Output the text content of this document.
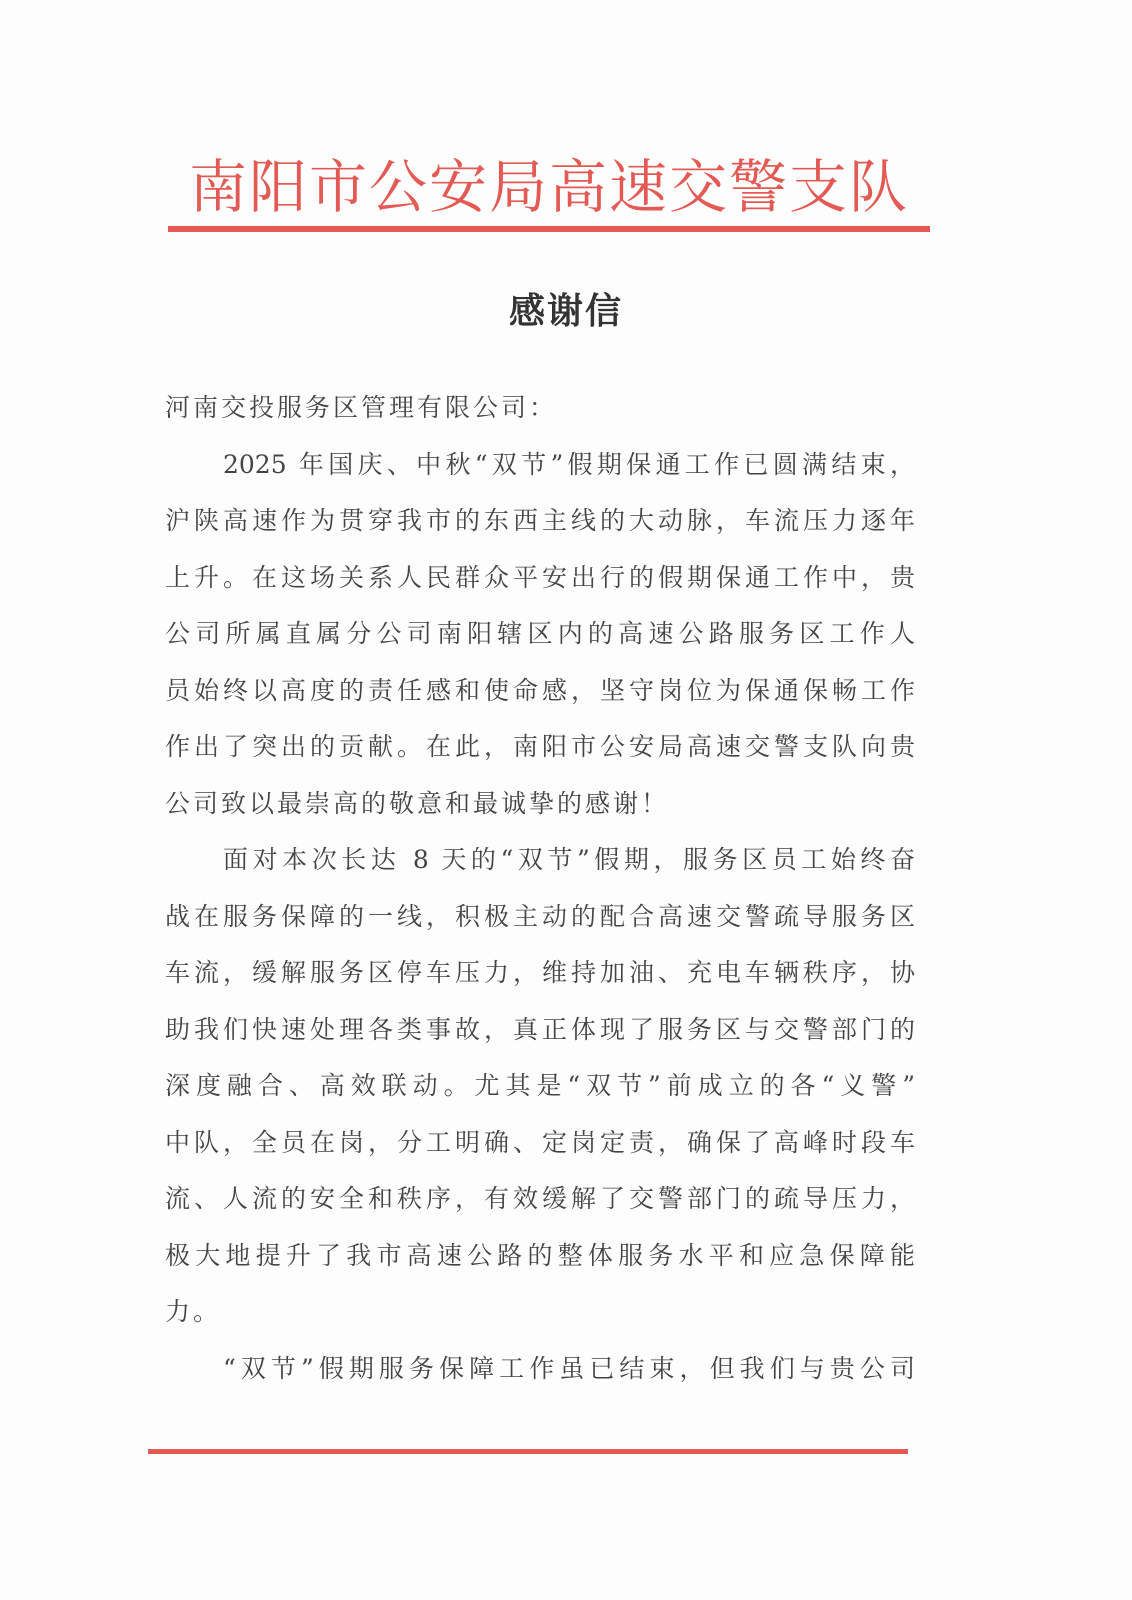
南阳市公安局高速交警支队
感谢信
河南交投服务区管理有限公司：
2025 年国庆、中秋“双节”假期保通工作已圆满结束，
沪陕高速作为贯穿我市的东西主线的大动脉，车流压力逐年
上升。在这场关系人民群众平安出行的假期保通工作中，贵
公司所属直属分公司南阳辖区内的高速公路服务区工作人
员始终以高度的责任感和使命感，坚守岗位为保通保畅工作
作出了突出的贡献。在此，南阳市公安局高速交警支队向贵
公司致以最崇高的敬意和最诚挚的感谢！
面对本次长达 8 天的“双节”假期，服务区员工始终奋
战在服务保障的一线，积极主动的配合高速交警疏导服务区
车流，缓解服务区停车压力，维持加油、充电车辆秩序，协
助我们快速处理各类事故，真正体现了服务区与交警部门的
深度融合、高效联动。尤其是“双节”前成立的各“义警”
中队，全员在岗，分工明确、定岗定责，确保了高峰时段车
流、人流的安全和秩序，有效缓解了交警部门的疏导压力，
极大地提升了我市高速公路的整体服务水平和应急保障能
力。
“双节”假期服务保障工作虽已结束，但我们与贵公司
